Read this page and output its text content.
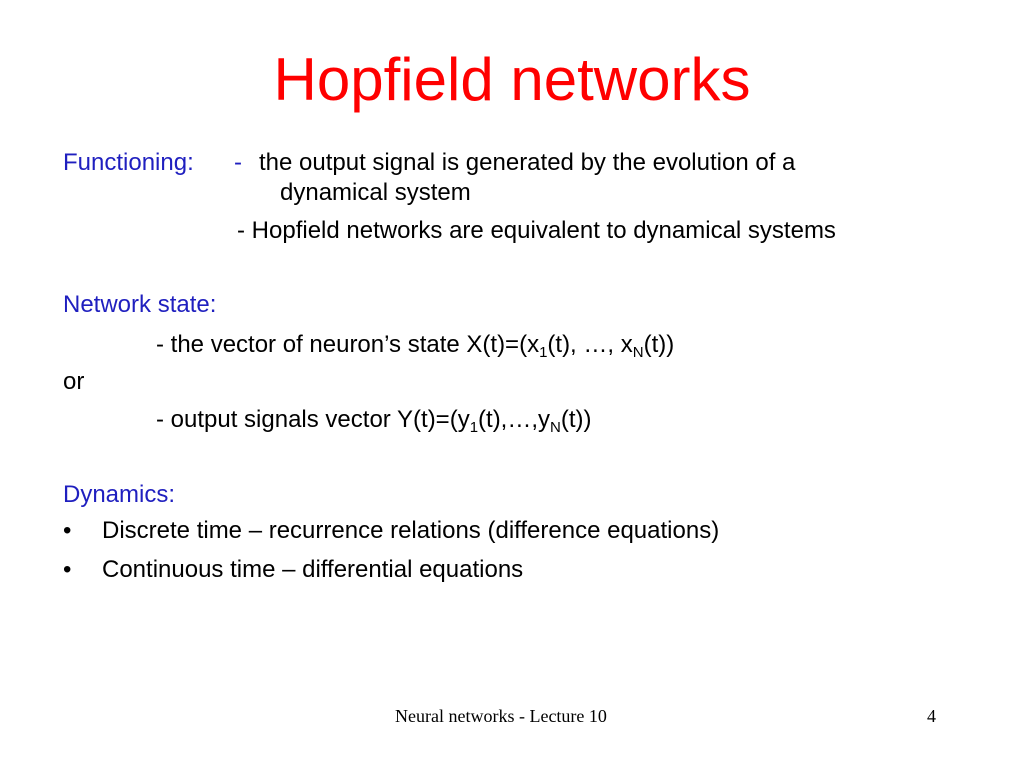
Hopfield networks
Functioning: - the output signal is generated by the evolution of a
dynamical system
- Hopfield networks are equivalent to dynamical systems
Network state:
- the vector of neuron’s state $X(t)=(x_1(t)$, …, $x_N(t)$)
or
- output signals vector $Y(t)=(y_1(t),\dots,y_N(t))$
Dynamics:
• Discrete time – recurrence relations (difference equations)
• Continuous time – differential equations
Neural networks - Lecture 10	4
